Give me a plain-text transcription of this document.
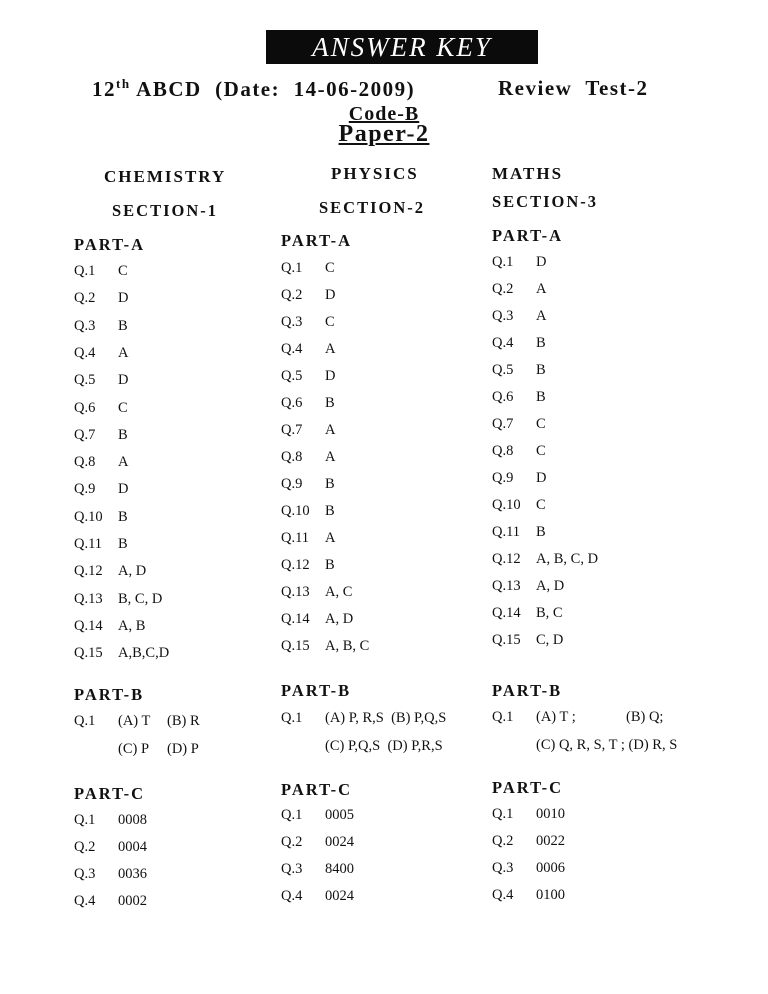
ANSWER KEY
12th ABCD  (Date:  14-06-2009)	Review  Test-2
Code-B
Paper-2
CHEMISTRY
SECTION-1
PART-A
PART-B
Q.1 (A) T (B) R
(C) P (D) P
PART-C
Q.1 C
Q.2 D
Q.3 B
Q.4 A
Q.5 D
Q.6 C
Q.7 B
Q.8 A
Q.9 D
Q.10 B
Q.11 B
Q.12 A, D
Q.13 B, C, D
Q.14 A, B
Q.15 A,B,C,D
Q.1 0008
Q.2 0004
Q.3 0036
Q.4 0002
PHYSICS
SECTION-2
PART-A
PART-B
Q.1 (A) P, R,S  (B) P,Q,S
(C) P,Q,S  (D) P,R,S
PART-C
Q.1 C
Q.2 D
Q.3 C
Q.4 A
Q.5 D
Q.6 B
Q.7 A
Q.8 A
Q.9 B
Q.10 B
Q.11 A
Q.12 B
Q.13 A, C
Q.14 A, D
Q.15 A, B, C
Q.1 0005
Q.2 0024
Q.3 8400
Q.4 0024
MATHS
SECTION-3
PART-A
PART-B
Q.1 (A) T ;	(B) Q;
(C) Q, R, S, T ; (D) R, S
PART-C
Q.1 D
Q.2 A
Q.3 A
Q.4 B
Q.5 B
Q.6 B
Q.7 C
Q.8 C
Q.9 D
Q.10 C
Q.11 B
Q.12 A, B, C, D
Q.13 A, D
Q.14 B, C
Q.15 C, D
Q.1 0010
Q.2 0022
Q.3 0006
Q.4 0100
